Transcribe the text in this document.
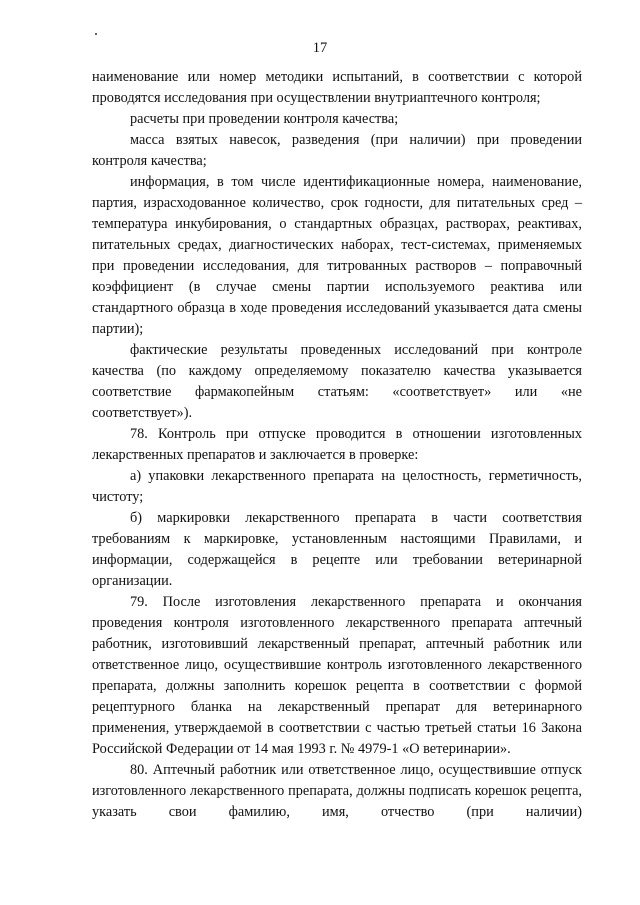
17

наименование или номер методики испытаний, в соответствии с которой проводятся исследования при осуществлении внутриаптечного контроля;

расчеты при проведении контроля качества;

масса взятых навесок, разведения (при наличии) при проведении контроля качества;

информация, в том числе идентификационные номера, наименование, партия, израсходованное количество, срок годности, для питательных сред – температура инкубирования, о стандартных образцах, растворах, реактивах, питательных средах, диагностических наборах, тест-системах, применяемых при проведении исследования, для титрованных растворов – поправочный коэффициент (в случае смены партии используемого реактива или стандартного образца в ходе проведения исследований указывается дата смены партии);

фактические результаты проведенных исследований при контроле качества (по каждому определяемому показателю качества указывается соответствие фармакопейным статьям: «соответствует» или «не соответствует»).

78. Контроль при отпуске проводится в отношении изготовленных лекарственных препаратов и заключается в проверке:

а) упаковки лекарственного препарата на целостность, герметичность, чистоту;

б) маркировки лекарственного препарата в части соответствия требованиям к маркировке, установленным настоящими Правилами, и информации, содержащейся в рецепте или требовании ветеринарной организации.

79. После изготовления лекарственного препарата и окончания проведения контроля изготовленного лекарственного препарата аптечный работник, изготовивший лекарственный препарат, аптечный работник или ответственное лицо, осуществившие контроль изготовленного лекарственного препарата, должны заполнить корешок рецепта в соответствии с формой рецептурного бланка на лекарственный препарат для ветеринарного применения, утверждаемой в соответствии с частью третьей статьи 16 Закона Российской Федерации от 14 мая 1993 г. № 4979-1 «О ветеринарии».

80. Аптечный работник или ответственное лицо, осуществившие отпуск изготовленного лекарственного препарата, должны подписать корешок рецепта, указать свои фамилию, имя, отчество (при наличии)
